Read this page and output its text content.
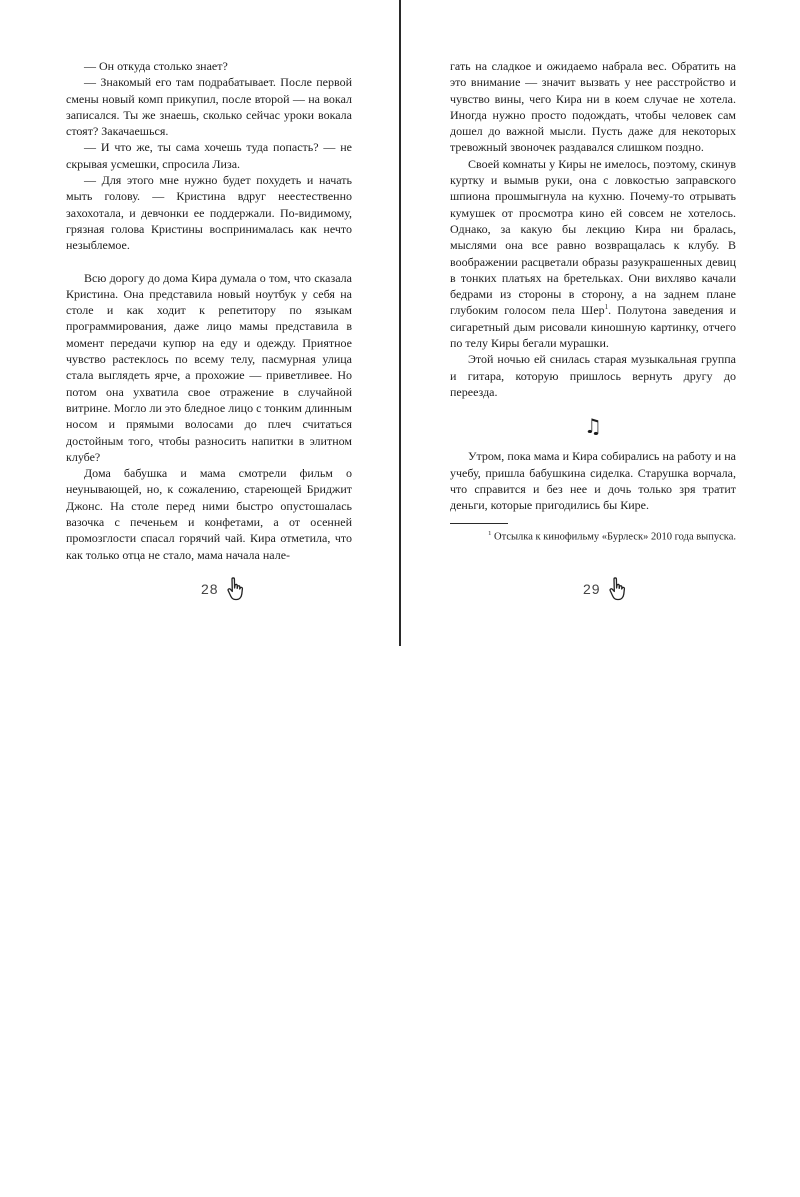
— Он откуда столько знает?

— Знакомый его там подрабатывает. После первой смены новый комп прикупил, после второй — на вокал записался. Ты же знаешь, сколько сейчас уроки вокала стоят? Закачаешься.

— И что же, ты сама хочешь туда попасть? — не скрывая усмешки, спросила Лиза.

— Для этого мне нужно будет похудеть и начать мыть голову. — Кристина вдруг неестественно захохотала, и девчонки ее поддержали. По-видимому, грязная голова Кристины воспринималась как нечто незыблемое.

Всю дорогу до дома Кира думала о том, что сказала Кристина. Она представила новый ноутбук у себя на столе и как ходит к репетитору по языкам программирования, даже лицо мамы представила в момент передачи купюр на еду и одежду. Приятное чувство растеклось по всему телу, пасмурная улица стала выглядеть ярче, а прохожие — приветливее. Но потом она ухватила свое отражение в случайной витрине. Могло ли это бледное лицо с тонким длинным носом и прямыми волосами до плеч считаться достойным того, чтобы разносить напитки в элитном клубе?

Дома бабушка и мама смотрели фильм о неунывающей, но, к сожалению, стареющей Бриджит Джонс. На столе перед ними быстро опустошалась вазочка с печеньем и конфетами, а от осенней промозглости спасал горячий чай. Кира отметила, что как только отца не стало, мама начала нале-

28

гать на сладкое и ожидаемо набрала вес. Обратить на это внимание — значит вызвать у нее расстройство и чувство вины, чего Кира ни в коем случае не хотела. Иногда нужно просто подождать, чтобы человек сам дошел до важной мысли. Пусть даже для некоторых тревожный звоночек раздавался слишком поздно.

Своей комнаты у Киры не имелось, поэтому, скинув куртку и вымыв руки, она с ловкостью заправского шпиона прошмыгнула на кухню. Почему-то отрывать кумушек от просмотра кино ей совсем не хотелось. Однако, за какую бы лекцию Кира ни бралась, мыслями она все равно возвращалась к клубу. В воображении расцветали образы разукрашенных девиц в тонких платьях на бретельках. Они вихляво качали бедрами из стороны в сторону, а на заднем плане глубоким голосом пела Шер$^1$. Полутона заведения и сигаретный дым рисовали киношную картинку, отчего по телу Киры бегали мурашки.

Этой ночью ей снилась старая музыкальная группа и гитара, которую пришлось вернуть другу до переезда.

♫

Утром, пока мама и Кира собирались на работу и на учебу, пришла бабушкина сиделка. Старушка ворчала, что справится и без нее и дочь только зря тратит деньги, которые пригодились бы Кире.

$^1$ Отсылка к кинофильму «Бурлеск» 2010 года выпуска.
29
